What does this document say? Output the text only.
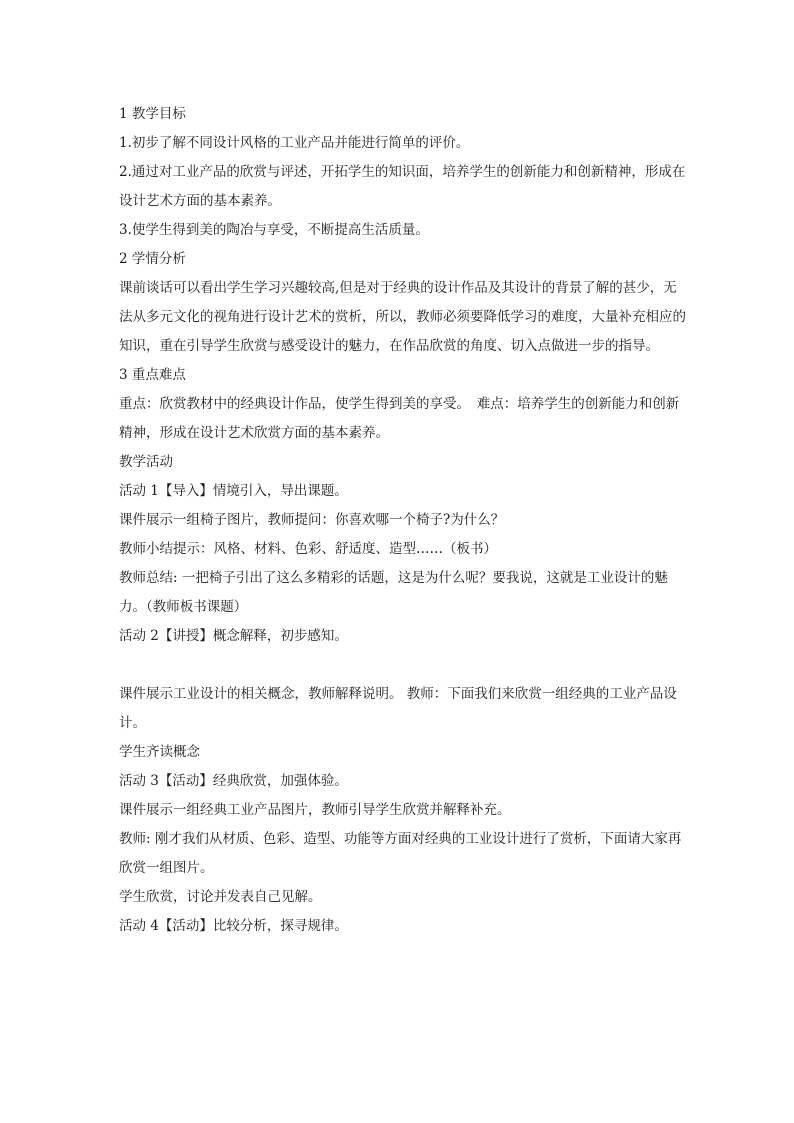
1 教学目标

1.初步了解不同设计风格的工业产品并能进行简单的评价。

2.通过对工业产品的欣赏与评述，开拓学生的知识面，培养学生的创新能力和创新精神，形成在设计艺术方面的基本素养。

3.使学生得到美的陶冶与享受，不断提高生活质量。

2 学情分析

课前谈话可以看出学生学习兴趣较高,但是对于经典的设计作品及其设计的背景了解的甚少，无法从多元文化的视角进行设计艺术的赏析，所以，教师必须要降低学习的难度，大量补充相应的知识，重在引导学生欣赏与感受设计的魅力，在作品欣赏的角度、切入点做进一步的指导。

3 重点难点

重点：欣赏教材中的经典设计作品，使学生得到美的享受。　难点：培养学生的创新能力和创新精神，形成在设计艺术欣赏方面的基本素养。

教学活动

活动 1【导入】情境引入，导出课题。

课件展示一组椅子图片，教师提问：你喜欢哪一个椅子?为什么？

教师小结提示：风格、材料、色彩、舒适度、造型……（板书）

教师总结: 一把椅子引出了这么多精彩的话题，这是为什么呢？要我说，这就是工业设计的魅力。（教师板书课题）

活动 2【讲授】概念解释，初步感知。

课件展示工业设计的相关概念，教师解释说明。 教师：下面我们来欣赏一组经典的工业产品设计。

学生齐读概念

活动 3【活动】经典欣赏，加强体验。

课件展示一组经典工业产品图片，教师引导学生欣赏并解释补充。

教师: 刚才我们从材质、色彩、造型、功能等方面对经典的工业设计进行了赏析，下面请大家再欣赏一组图片。

学生欣赏，讨论并发表自己见解。

活动 4【活动】比较分析，探寻规律。
